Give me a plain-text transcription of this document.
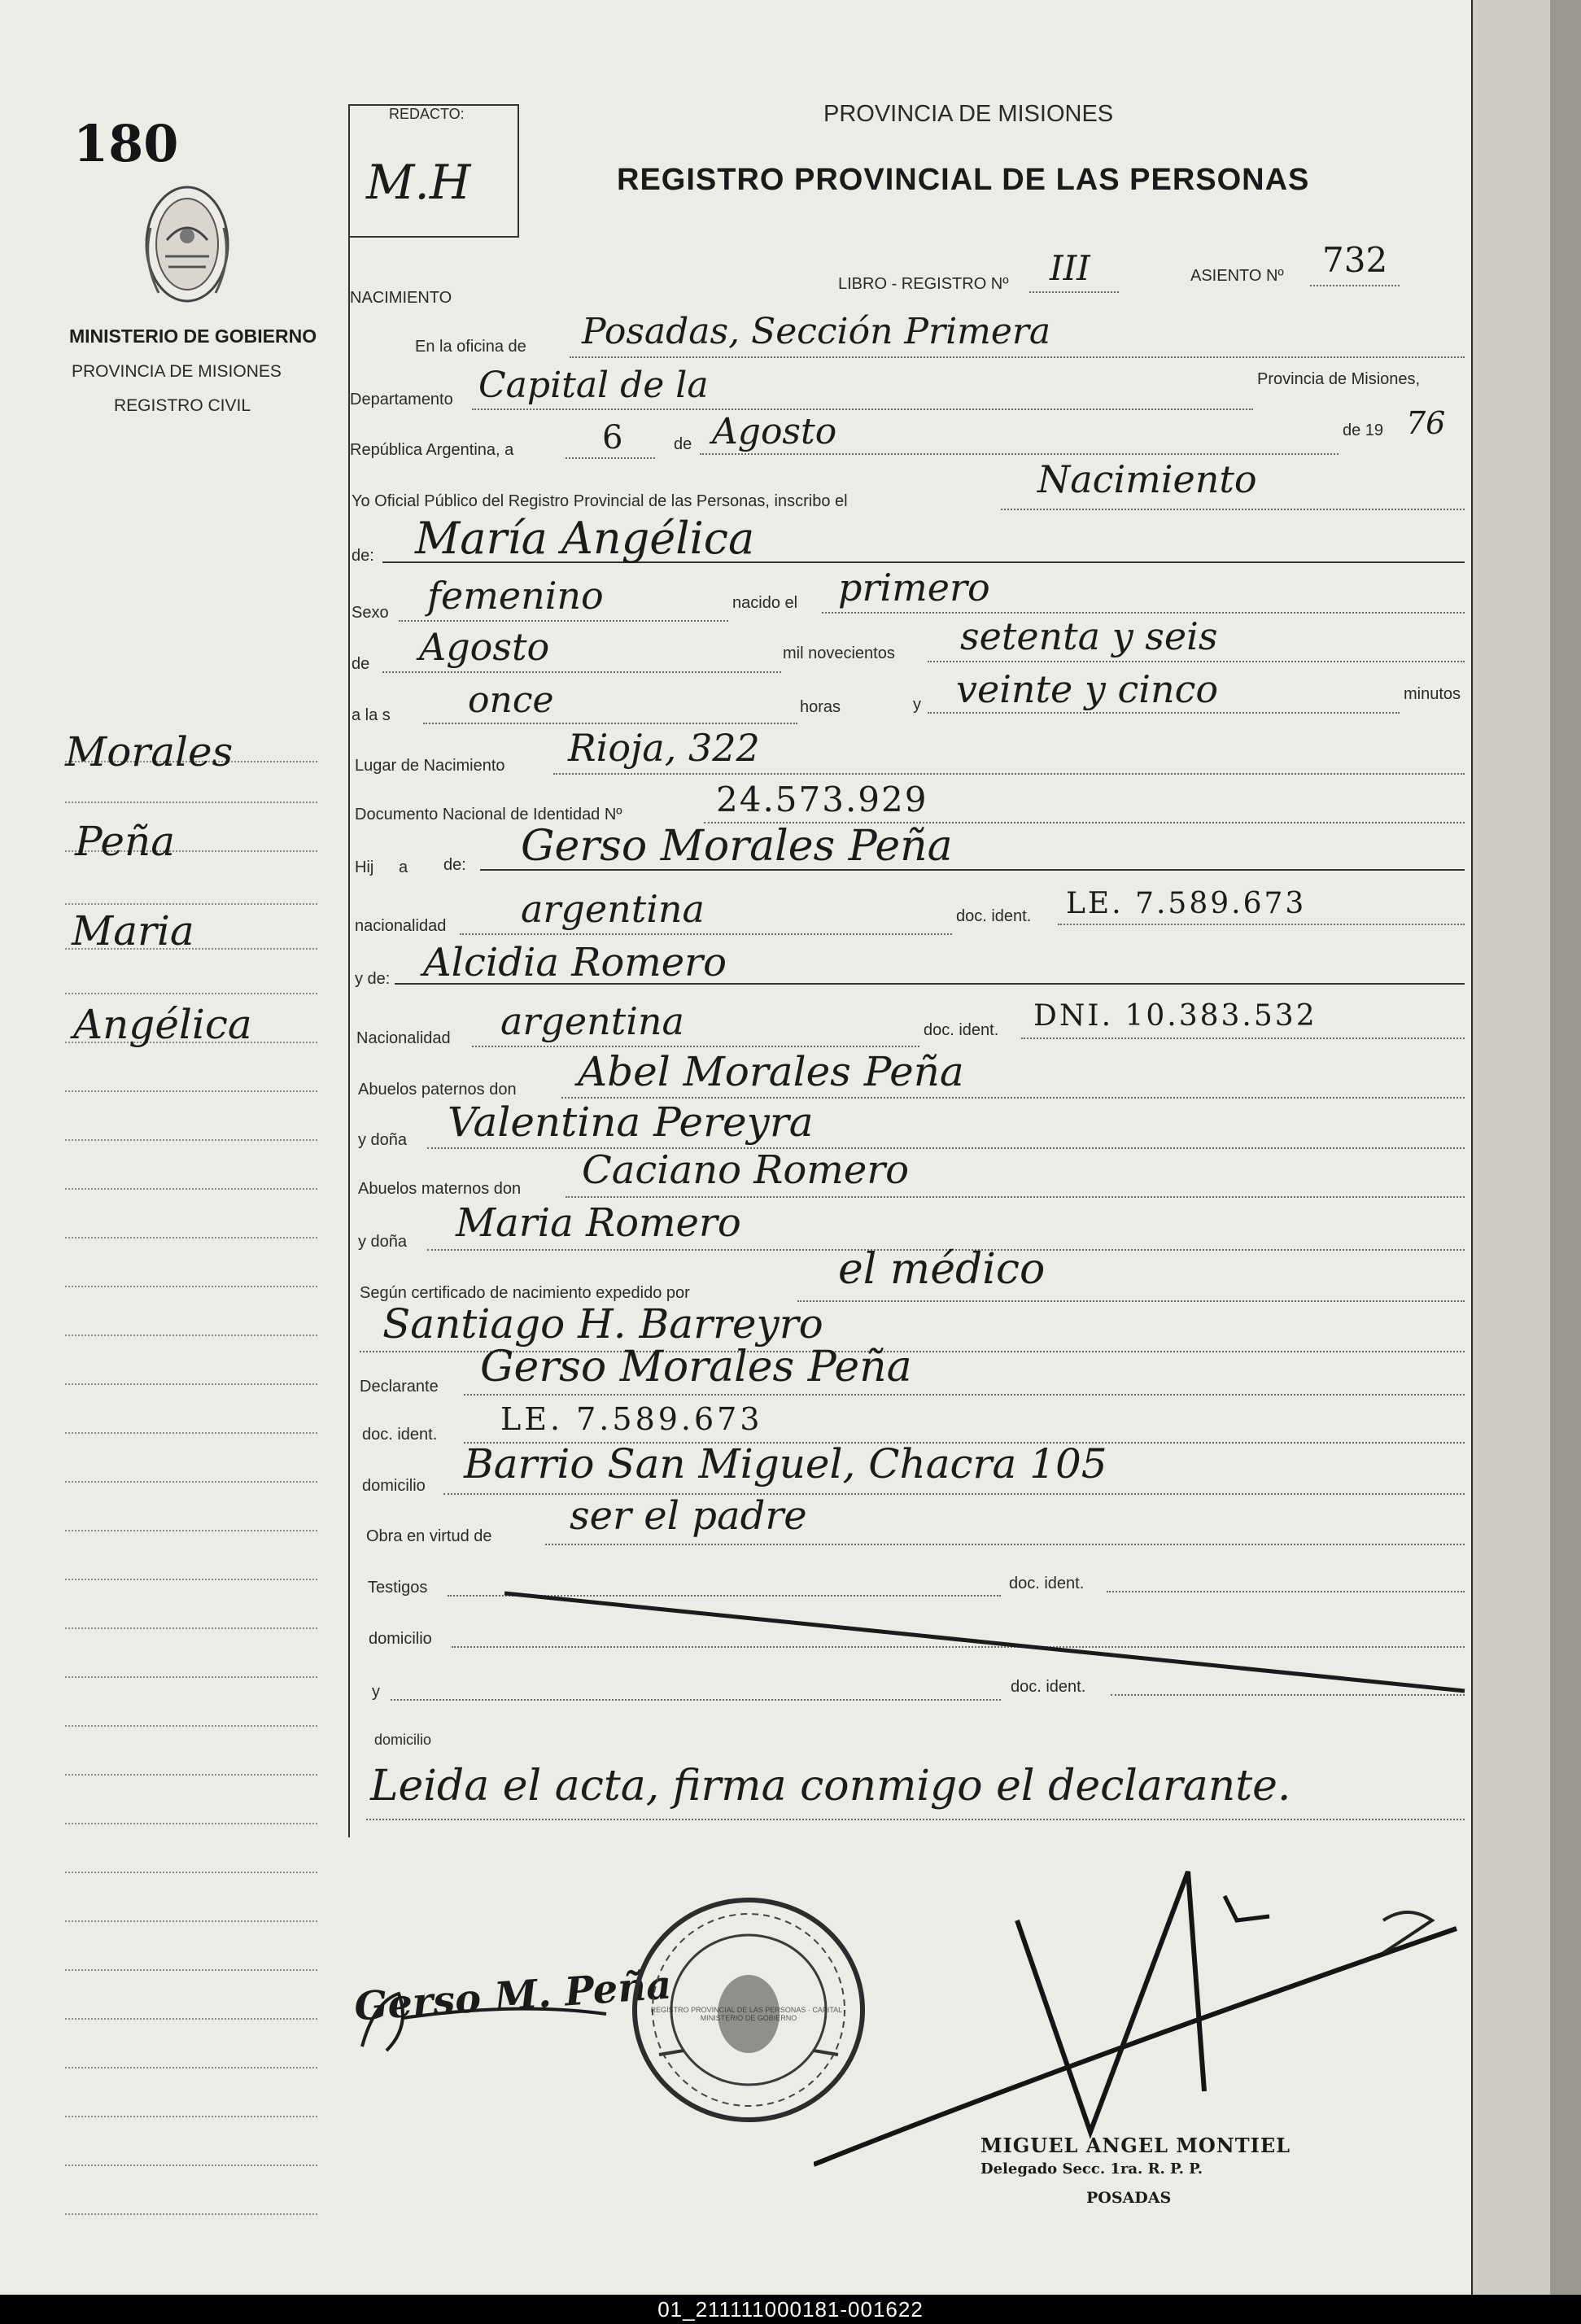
180
MINISTERIO DE GOBIERNO
PROVINCIA DE MISIONES
REGISTRO CIVIL
REDACTO:
M.H
PROVINCIA DE MISIONES
REGISTRO PROVINCIAL DE LAS PERSONAS
NACIMIENTO
LIBRO - REGISTRO Nº III	ASIENTO Nº 732
Morales
Peña
Maria
Angélica
En la oficina de Posadas, Sección Primera
Departamento Capital de la	Provincia de Misiones,
República Argentina, a	6	de Agosto	de 19 76
Yo Oficial Público del Registro Provincial de las Personas, inscribo el	Nacimiento
de: María Angélica
Sexo femenino	nacido el primero
de Agosto	mil novecientos setenta y seis
a la s once	horas	y veinte y cinco	minutos
Lugar de Nacimiento Rioja, 322
Documento Nacional de Identidad Nº	24.573.929
Hij a de: Gerso Morales Peña
nacionalidad argentina	doc. ident. LE. 7.589.673
y de: Alcidia Romero
Nacionalidad argentina	doc. ident. DNI. 10.383.532
Abuelos paternos don Abel Morales Peña
y doña Valentina Pereyra
Abuelos maternos don Caciano Romero
y doña Maria Romero
Según certificado de nacimiento expedido por	el médico
Santiago H. Barreyro
Declarante Gerso Morales Peña
doc. ident. LE. 7.589.673
domicilio Barrio San Miguel, Chacra 105
Obra en virtud de ser el padre
Testigos	doc. ident.
domicilio
y	doc. ident.
domicilio
Leida el acta, firma conmigo el declarante.
Gerso M. Peña
REGISTRO PROVINCIAL DE LAS PERSONAS · CAPITAL · MINISTERIO DE GOBIERNO
MIGUEL ANGEL MONTIEL
Delegado Secc. 1ra. R. P. P.
POSADAS
01_211111000181-001622
